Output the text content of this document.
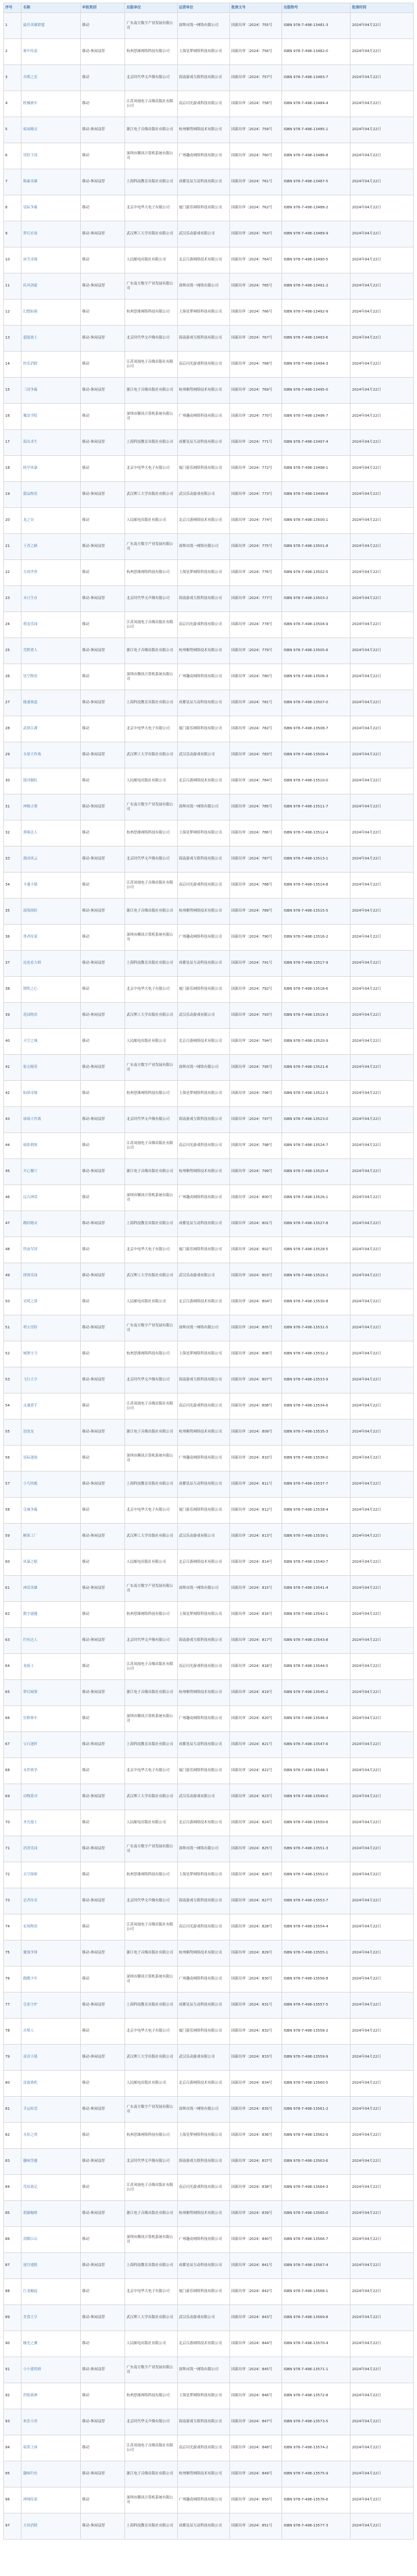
序号	名称	申报类别	出版单位	运营单位	批准文号	出版物号	批准时间
1	最佳英雄联盟	移动	广东南方数字产业发展有限公司	深圳市凯一网络有限公司	国新出审〔2024〕755号	ISBN 978-7-498-13481-3	2024年04月22日
2	赛车传说	移动-休闲益智	杭州思维网络科技有限公司	上海星梦网络科技有限公司	国新出审〔2024〕756号	ISBN 978-7-498-13482-0	2024年04月22日
3	吞噬之星	移动	北京时代华文声像有限公司	海南游戏互娱科技有限公司	国新出审〔2024〕757号	ISBN 978-7-498-13483-7	2024年04月22日
4	机械战车	移动	江苏凤凰电子音像出版社有限公司	南京闪光游戏科技有限公司	国新出审〔2024〕758号	ISBN 978-7-498-13484-4	2024年04月22日
5	暗夜精灵	移动-休闲益智	浙江电子音像出版社有限公司	杭州顺势网络技术有限公司	国新出审〔2024〕759号	ISBN 978-7-498-13485-1	2024年04月22日
6	冒险王国	移动	深圳市腾讯计算机系统有限公司	广州趣动网络科技有限公司	国新出审〔2024〕760号	ISBN 978-7-498-13486-8	2024年04月22日
7	像素英雄	移动-休闲益智	上海科技教育出版社有限公司	成都星辰互动科技有限公司	国新出审〔2024〕761号	ISBN 978-7-498-13487-5	2024年04月22日
8	星际争霸	移动	北京中电华大电子有限公司	厦门游乐网络科技有限公司	国新出审〔2024〕762号	ISBN 978-7-498-13488-2	2024年04月22日
9	梦幻农场	移动-休闲益智	武汉理工大学出版社有限公司	武汉乐动游戏有限公司	国新出审〔2024〕763号	ISBN 978-7-498-13489-9	2024年04月22日
10	冰雪奇缘	移动	人民邮电出版社有限公司	北京百游网络技术有限公司	国新出审〔2024〕764号	ISBN 978-7-498-13490-5	2024年04月22日
11	疾风剑豪	移动-休闲益智	广东南方数字产业发展有限公司	深圳市凯一网络有限公司	国新出审〔2024〕765号	ISBN 978-7-498-13491-2	2024年04月22日
12	幻想仙境	移动	杭州思维网络科技有限公司	上海星梦网络科技有限公司	国新出审〔2024〕766号	ISBN 978-7-498-13492-9	2024年04月22日
13	超能战士	移动-休闲益智	北京时代华文声像有限公司	海南游戏互娱科技有限公司	国新出审〔2024〕767号	ISBN 978-7-498-13493-6	2024年04月22日
14	快乐消除	移动	江苏凤凰电子音像出版社有限公司	南京闪光游戏科技有限公司	国新出审〔2024〕768号	ISBN 978-7-498-13494-3	2024年04月22日
15	三国争霸	移动-休闲益智	浙江电子音像出版社有限公司	杭州顺势网络技术有限公司	国新出审〔2024〕769号	ISBN 978-7-498-13495-0	2024年04月22日
16	魔法学院	移动	深圳市腾讯计算机系统有限公司	广州趣动网络科技有限公司	国新出审〔2024〕770号	ISBN 978-7-498-13496-7	2024年04月22日
17	海岛求生	移动-休闲益智	上海科技教育出版社有限公司	成都星辰互动科技有限公司	国新出审〔2024〕771号	ISBN 978-7-498-13497-4	2024年04月22日
18	机甲风暴	移动	北京中电华大电子有限公司	厦门游乐网络科技有限公司	国新出审〔2024〕772号	ISBN 978-7-498-13498-1	2024年04月22日
19	甜品物语	移动-休闲益智	武汉理工大学出版社有限公司	武汉乐动游戏有限公司	国新出审〔2024〕773号	ISBN 978-7-498-13499-8	2024年04月22日
20	龙之谷	移动	人民邮电出版社有限公司	北京百游网络技术有限公司	国新出审〔2024〕774号	ISBN 978-7-498-13500-1	2024年04月22日
21	王者之路	移动-休闲益智	广东南方数字产业发展有限公司	深圳市凯一网络有限公司	国新出审〔2024〕775号	ISBN 978-7-498-13501-8	2024年04月22日
22	方块世界	移动	杭州思维网络科技有限公司	上海星梦网络科技有限公司	国新出审〔2024〕776号	ISBN 978-7-498-13502-5	2024年04月22日
23	末日生存	移动-休闲益智	北京时代华文声像有限公司	海南游戏互娱科技有限公司	国新出审〔2024〕777号	ISBN 978-7-498-13503-2	2024年04月22日
24	萌宠乐园	移动	江苏凤凰电子音像出版社有限公司	南京闪光游戏科技有限公司	国新出审〔2024〕778号	ISBN 978-7-498-13504-9	2024年04月22日
25	荒野猎人	移动-休闲益智	浙江电子音像出版社有限公司	杭州顺势网络技术有限公司	国新出审〔2024〕779号	ISBN 978-7-498-13505-6	2024年04月22日
26	星空物语	移动	深圳市腾讯计算机系统有限公司	广州趣动网络科技有限公司	国新出审〔2024〕780号	ISBN 978-7-498-13506-3	2024年04月22日
27	极速赛道	移动-休闲益智	上海科技教育出版社有限公司	成都星辰互动科技有限公司	国新出审〔2024〕781号	ISBN 978-7-498-13507-0	2024年04月22日
28	武侠江湖	移动	北京中电华大电子有限公司	厦门游乐网络科技有限公司	国新出审〔2024〕782号	ISBN 978-7-498-13508-7	2024年04月22日
29	水果大作战	移动-休闲益智	武汉理工大学出版社有限公司	武汉乐动游戏有限公司	国新出审〔2024〕783号	ISBN 978-7-498-13509-4	2024年04月22日
30	银河舰队	移动	人民邮电出版社有限公司	北京百游网络技术有限公司	国新出审〔2024〕784号	ISBN 978-7-498-13510-0	2024年04月22日
31	神秘古堡	移动-休闲益智	广东南方数字产业发展有限公司	深圳市凯一网络有限公司	国新出审〔2024〕785号	ISBN 978-7-498-13511-7	2024年04月22日
32	弹珠达人	移动	杭州思维网络科技有限公司	上海星梦网络科技有限公司	国新出审〔2024〕786号	ISBN 978-7-498-13512-4	2024年04月22日
33	战国风云	移动-休闲益智	北京时代华文声像有限公司	海南游戏互娱科技有限公司	国新出审〔2024〕787号	ISBN 978-7-498-13513-1	2024年04月22日
34	卡通小镇	移动	江苏凤凰电子音像出版社有限公司	南京闪光游戏科技有限公司	国新出审〔2024〕788号	ISBN 978-7-498-13514-8	2024年04月22日
35	深海探险	移动-休闲益智	浙江电子音像出版社有限公司	杭州顺势网络技术有限公司	国新出审〔2024〕789号	ISBN 978-7-498-13515-5	2024年04月22日
36	勇者传说	移动	深圳市腾讯计算机系统有限公司	广州趣动网络科技有限公司	国新出审〔2024〕790号	ISBN 978-7-498-13516-2	2024年04月22日
37	连连看大师	移动-休闲益智	上海科技教育出版社有限公司	成都星辰互动科技有限公司	国新出审〔2024〕791号	ISBN 978-7-498-13517-9	2024年04月22日
38	钢铁之心	移动	北京中电华大电子有限公司	厦门游乐网络科技有限公司	国新出审〔2024〕792号	ISBN 978-7-498-13518-6	2024年04月22日
39	花园物语	移动-休闲益智	武汉理工大学出版社有限公司	武汉乐动游戏有限公司	国新出审〔2024〕793号	ISBN 978-7-498-13519-3	2024年04月22日
40	天空之城	移动	人民邮电出版社有限公司	北京百游网络技术有限公司	国新出审〔2024〕794号	ISBN 978-7-498-13520-9	2024年04月22日
41	射击精英	移动-休闲益智	广东南方数字产业发展有限公司	深圳市凯一网络有限公司	国新出审〔2024〕795号	ISBN 978-7-498-13521-6	2024年04月22日
42	仙侠奇缘	移动	杭州思维网络科技有限公司	上海星梦网络科技有限公司	国新出审〔2024〕796号	ISBN 978-7-498-13522-3	2024年04月22日
43	球球大作战	移动-休闲益智	北京时代华文声像有限公司	海南游戏互娱科技有限公司	国新出审〔2024〕797号	ISBN 978-7-498-13523-0	2024年04月22日
44	暗影刺客	移动	江苏凤凰电子音像出版社有限公司	南京闪光游戏科技有限公司	国新出审〔2024〕798号	ISBN 978-7-498-13524-7	2024年04月22日
45	开心餐厅	移动-休闲益智	浙江电子音像出版社有限公司	杭州顺势网络技术有限公司	国新出审〔2024〕799号	ISBN 978-7-498-13525-4	2024年04月22日
46	远古神话	移动	深圳市腾讯计算机系统有限公司	广州趣动网络科技有限公司	国新出审〔2024〕800号	ISBN 978-7-498-13526-1	2024年04月22日
47	跳跃精灵	移动-休闲益智	上海科技教育出版社有限公司	成都星辰互动科技有限公司	国新出审〔2024〕801号	ISBN 978-7-498-13527-8	2024年04月22日
48	铁血军团	移动	北京中电华大电子有限公司	厦门游乐网络科技有限公司	国新出审〔2024〕802号	ISBN 978-7-498-13528-5	2024年04月22日
49	拼图乐园	移动-休闲益智	武汉理工大学出版社有限公司	武汉乐动游戏有限公司	国新出审〔2024〕803号	ISBN 978-7-498-13529-2	2024年04月22日
50	光明之剑	移动	人民邮电出版社有限公司	北京百游网络技术有限公司	国新出审〔2024〕804号	ISBN 978-7-498-13530-8	2024年04月22日
51	萌宝冒险	移动-休闲益智	广东南方数字产业发展有限公司	深圳市凯一网络有限公司	国新出审〔2024〕805号	ISBN 978-7-498-13531-5	2024年04月22日
52	城堡守卫	移动	杭州思维网络科技有限公司	上海星梦网络科技有限公司	国新出审〔2024〕806号	ISBN 978-7-498-13532-2	2024年04月22日
53	飞行大亨	移动-休闲益智	北京时代华文声像有限公司	海南游戏互娱科技有限公司	国新出审〔2024〕807号	ISBN 978-7-498-13533-9	2024年04月22日
54	灵魂猎手	移动	江苏凤凰电子音像出版社有限公司	南京闪光游戏科技有限公司	国新出审〔2024〕808号	ISBN 978-7-498-13534-6	2024年04月22日
55	泡泡龙	移动-休闲益智	浙江电子音像出版社有限公司	杭州顺势网络技术有限公司	国新出审〔2024〕809号	ISBN 978-7-498-13535-3	2024年04月22日
56	星际迷航	移动	深圳市腾讯计算机系统有限公司	广州趣动网络科技有限公司	国新出审〔2024〕810号	ISBN 978-7-498-13536-0	2024年04月22日
57	小鸟快跑	移动-休闲益智	上海科技教育出版社有限公司	成都星辰互动科技有限公司	国新出审〔2024〕811号	ISBN 978-7-498-13537-7	2024年04月22日
58	皇城争霸	移动	北京中电华大电子有限公司	厦门游乐网络科技有限公司	国新出审〔2024〕812号	ISBN 978-7-498-13538-4	2024年04月22日
59	糖果工厂	移动-休闲益智	武汉理工大学出版社有限公司	武汉乐动游戏有限公司	国新出审〔2024〕813号	ISBN 978-7-498-13539-1	2024年04月22日
60	风暴之眼	移动	人民邮电出版社有限公司	北京百游网络技术有限公司	国新出审〔2024〕814号	ISBN 978-7-498-13540-7	2024年04月22日
61	神话英雄	移动-休闲益智	广东南方数字产业发展有限公司	深圳市凯一网络有限公司	国新出审〔2024〕815号	ISBN 978-7-498-13541-4	2024年04月22日
62	数字谜题	移动	杭州思维网络科技有限公司	上海星梦网络科技有限公司	国新出审〔2024〕816号	ISBN 978-7-498-13542-1	2024年04月22日
63	钓鱼达人	移动-休闲益智	北京时代华文声像有限公司	海南游戏互娱科技有限公司	国新出审〔2024〕817号	ISBN 978-7-498-13543-8	2024年04月22日
64	龙骑士	移动	江苏凤凰电子音像出版社有限公司	南京闪光游戏科技有限公司	国新出审〔2024〕818号	ISBN 978-7-498-13544-5	2024年04月22日
65	梦幻城堡	移动-休闲益智	浙江电子音像出版社有限公司	杭州顺势网络技术有限公司	国新出审〔2024〕819号	ISBN 978-7-498-13545-2	2024年04月22日
66	狂野赛车	移动	深圳市腾讯计算机系统有限公司	广州趣动网络科技有限公司	国新出审〔2024〕820号	ISBN 978-7-498-13546-9	2024年04月22日
67	宝石迷阵	移动-休闲益智	上海科技教育出版社有限公司	成都星辰互动科技有限公司	国新出审〔2024〕821号	ISBN 978-7-498-13547-6	2024年04月22日
68	末世战争	移动	北京中电华大电子有限公司	厦门游乐网络科技有限公司	国新出审〔2024〕822号	ISBN 978-7-498-13548-3	2024年04月22日
69	动物派对	移动-休闲益智	武汉理工大学出版社有限公司	武汉乐动游戏有限公司	国新出审〔2024〕823号	ISBN 978-7-498-13549-0	2024年04月22日
70	圣光骑士	移动	人民邮电出版社有限公司	北京百游网络技术有限公司	国新出审〔2024〕824号	ISBN 978-7-498-13550-6	2024年04月22日
71	消消乐园	移动-休闲益智	广东南方数字产业发展有限公司	深圳市凯一网络有限公司	国新出审〔2024〕825号	ISBN 978-7-498-13551-3	2024年04月22日
72	太空探索	移动	杭州思维网络科技有限公司	上海星梦网络科技有限公司	国新出审〔2024〕826号	ISBN 978-7-498-13552-0	2024年04月22日
73	忍者传奇	移动-休闲益智	北京时代华文声像有限公司	海南游戏互娱科技有限公司	国新出审〔2024〕827号	ISBN 978-7-498-13553-7	2024年04月22日
74	农场物语	移动	江苏凤凰电子音像出版社有限公司	南京闪光游戏科技有限公司	国新出审〔2024〕828号	ISBN 978-7-498-13554-4	2024年04月22日
75	魔域争锋	移动-休闲益智	浙江电子音像出版社有限公司	杭州顺势网络技术有限公司	国新出审〔2024〕829号	ISBN 978-7-498-13555-1	2024年04月22日
76	跑酷少年	移动	深圳市腾讯计算机系统有限公司	广州趣动网络科技有限公司	国新出审〔2024〕830号	ISBN 978-7-498-13556-8	2024年04月22日
77	皇家守护	移动-休闲益智	上海科技教育出版社有限公司	成都星辰互动科技有限公司	国新出审〔2024〕831号	ISBN 978-7-498-13557-5	2024年04月22日
78	火柴人	移动	北京中电华大电子有限公司	厦门游乐网络科技有限公司	国新出审〔2024〕832号	ISBN 978-7-498-13558-2	2024年04月22日
79	童话小镇	移动-休闲益智	武汉理工大学出版社有限公司	武汉乐动游戏有限公司	国新出审〔2024〕833号	ISBN 978-7-498-13559-9	2024年04月22日
80	雷霆战机	移动	人民邮电出版社有限公司	北京百游网络技术有限公司	国新出审〔2024〕834号	ISBN 978-7-498-13560-5	2024年04月22日
81	幸运转盘	移动-休闲益智	广东南方数字产业发展有限公司	深圳市凯一网络有限公司	国新出审〔2024〕835号	ISBN 978-7-498-13561-2	2024年04月22日
82	永恒之塔	移动	杭州思维网络科技有限公司	上海星梦网络科技有限公司	国新出审〔2024〕836号	ISBN 978-7-498-13562-9	2024年04月22日
83	趣味答题	移动-休闲益智	北京时代华文声像有限公司	海南游戏互娱科技有限公司	国新出审〔2024〕837号	ISBN 978-7-498-13563-6	2024年04月22日
84	荒原战记	移动	江苏凤凰电子音像出版社有限公司	南京闪光游戏科技有限公司	国新出审〔2024〕838号	ISBN 978-7-498-13564-3	2024年04月22日
85	萌猫咖啡	移动-休闲益智	浙江电子音像出版社有限公司	杭州顺势网络技术有限公司	国新出审〔2024〕839号	ISBN 978-7-498-13565-0	2024年04月22日
86	剑舞江山	移动	深圳市腾讯计算机系统有限公司	广州趣动网络科技有限公司	国新出审〔2024〕840号	ISBN 978-7-498-13566-7	2024年04月22日
87	迷宫逃脱	移动-休闲益智	上海科技教育出版社有限公司	成都星辰互动科技有限公司	国新出审〔2024〕841号	ISBN 978-7-498-13567-4	2024年04月22日
88	巨龙崛起	移动	北京中电华大电子有限公司	厦门游乐网络科技有限公司	国新出审〔2024〕842号	ISBN 978-7-498-13568-1	2024年04月22日
89	美食大亨	移动-休闲益智	武汉理工大学出版社有限公司	武汉乐动游戏有限公司	国新出审〔2024〕843号	ISBN 978-7-498-13569-8	2024年04月22日
90	极光之翼	移动	人民邮电出版社有限公司	北京百游网络技术有限公司	国新出审〔2024〕844号	ISBN 978-7-498-13570-4	2024年04月22日
91	小小建筑师	移动-休闲益智	广东南方数字产业发展有限公司	深圳市凯一网络有限公司	国新出审〔2024〕845号	ISBN 978-7-498-13571-1	2024年04月22日
92	烈焰战神	移动	杭州思维网络科技有限公司	上海星梦网络科技有限公司	国新出审〔2024〕846号	ISBN 978-7-498-13572-8	2024年04月22日
93	欢乐斗兽	移动-休闲益智	北京时代华文声像有限公司	海南游戏互娱科技有限公司	国新出审〔2024〕847号	ISBN 978-7-498-13573-5	2024年04月22日
94	暗黑王座	移动	江苏凤凰电子音像出版社有限公司	南京闪光游戏科技有限公司	国新出审〔2024〕848号	ISBN 978-7-498-13574-2	2024年04月22日
95	趣味钓鱼	移动-休闲益智	浙江电子音像出版社有限公司	杭州顺势网络技术有限公司	国新出审〔2024〕849号	ISBN 978-7-498-13575-9	2024年04月22日
96	神域传说	移动	深圳市腾讯计算机系统有限公司	广州趣动网络科技有限公司	国新出审〔2024〕850号	ISBN 978-7-498-13576-6	2024年04月22日
97	方块消除	移动-休闲益智	上海科技教育出版社有限公司	成都星辰互动科技有限公司	国新出审〔2024〕851号	ISBN 978-7-498-13577-3	2024年04月22日
